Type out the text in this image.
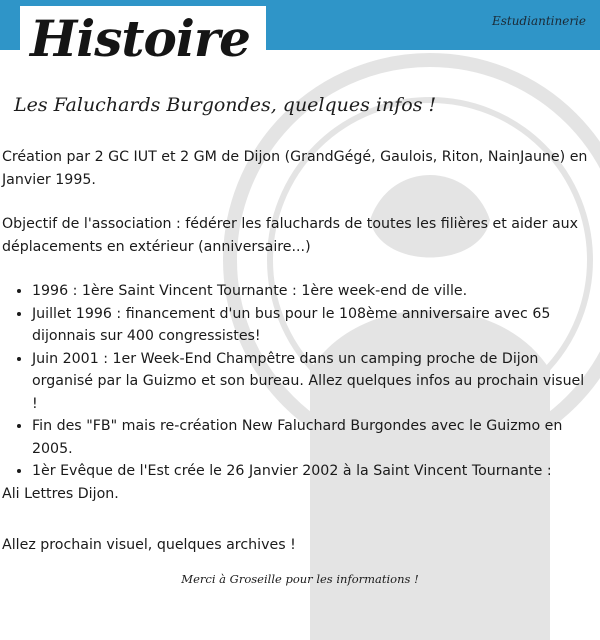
Histoire	Estudiantinerie
Les Faluchards Burgondes, quelques infos !

Création par 2 GC IUT et 2 GM de Dijon (GrandGégé, Gaulois, Riton, NainJaune) en Janvier 1995.

Objectif de l'association : fédérer les faluchards de toutes les filières et aider aux déplacements en extérieur (anniversaire...)

• 1996 : 1ère Saint Vincent Tournante : 1ère week-end de ville.
• Juillet 1996 : financement d'un bus pour le 108ème anniversaire avec 65 dijonnais sur 400 congressistes!
• Juin 2001 : 1er Week-End Champêtre dans un camping proche de Dijon organisé par la Guizmo et son bureau. Allez quelques infos au prochain visuel !
• Fin des "FB" mais re-création New Faluchard Burgondes avec le Guizmo en 2005.
• 1èr Evêque de l'Est crée le 26 Janvier 2002 à la Saint Vincent Tournante :
Ali Lettres Dijon.
Allez prochain visuel, quelques archives !
Merci à Groseille pour les informations !
